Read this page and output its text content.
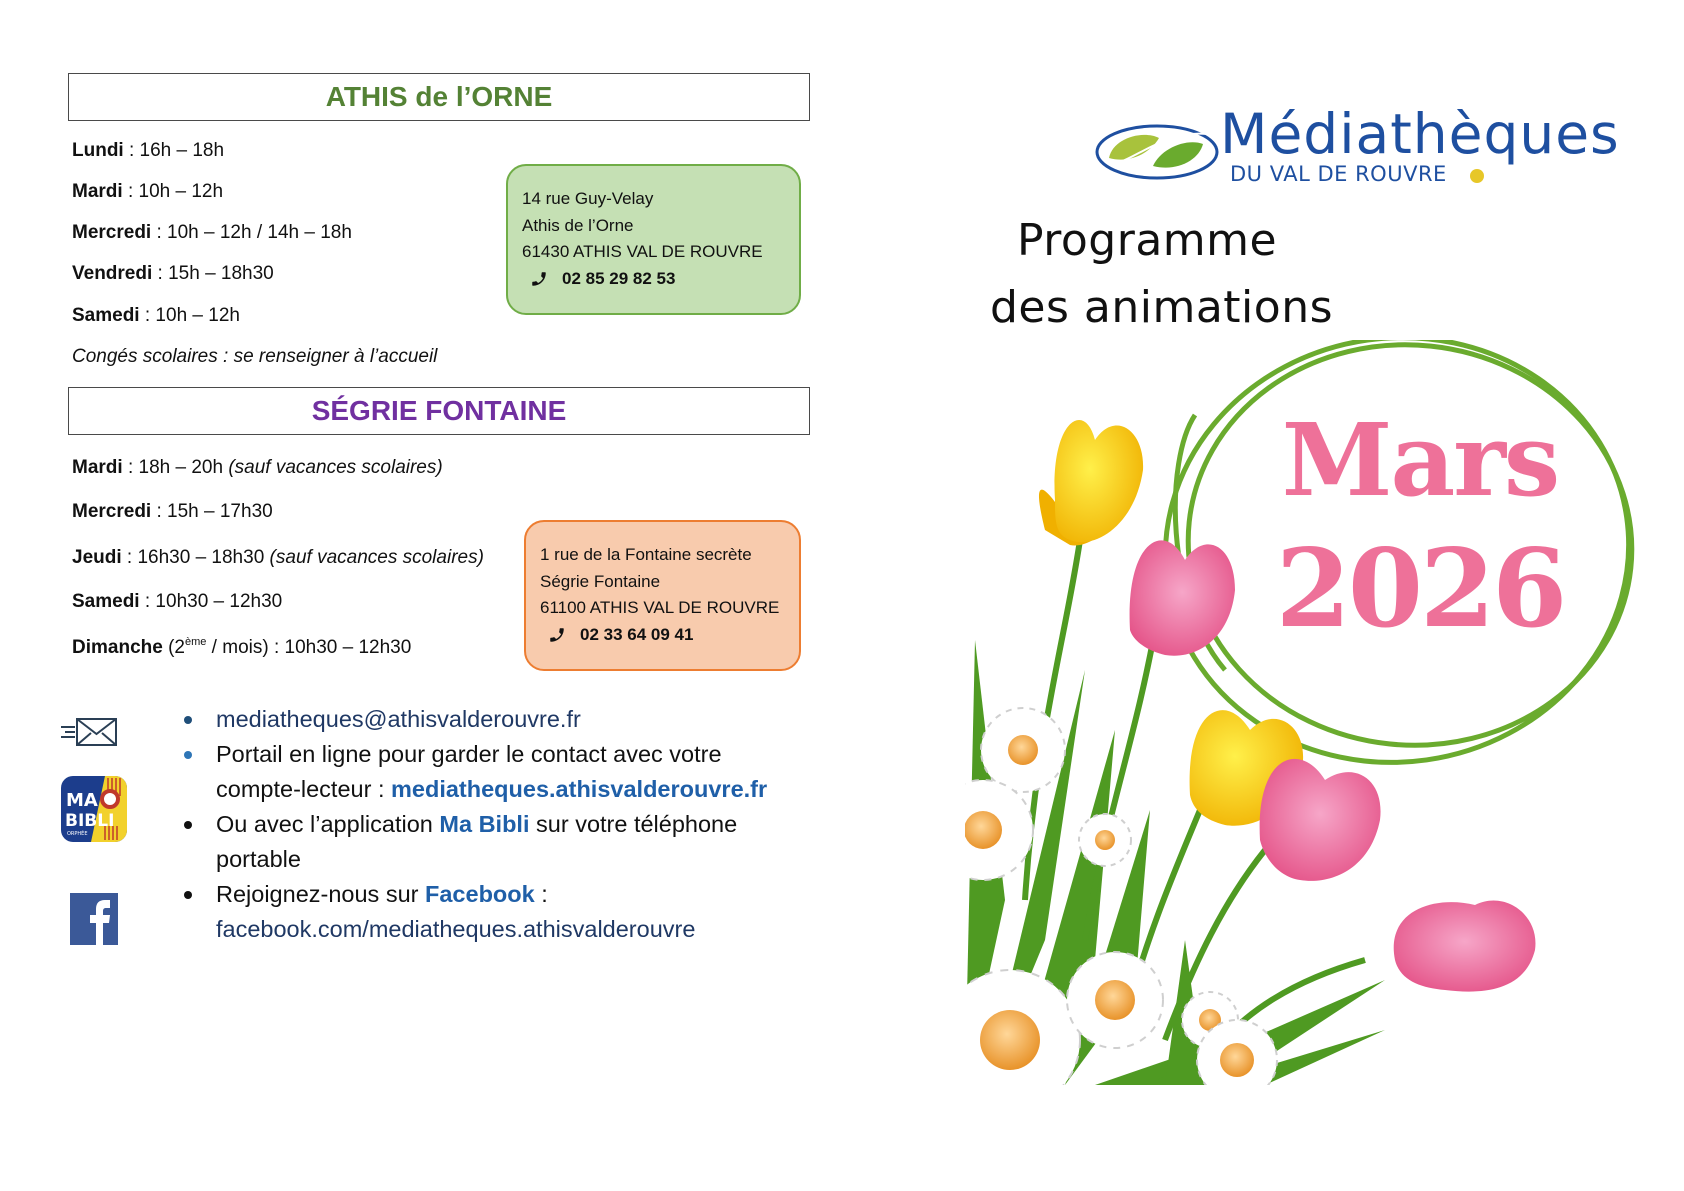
ATHIS de l’ORNE
Lundi : 16h – 18h
Mardi : 10h – 12h
Mercredi : 10h – 12h / 14h – 18h
Vendredi : 15h – 18h30
Samedi : 10h – 12h
Congés scolaires : se renseigner à l’accueil
14 rue Guy-Velay
Athis de l’Orne
61430 ATHIS VAL DE ROUVRE
02 85 29 82 53
SÉGRIE FONTAINE
Mardi : 18h – 20h (sauf vacances scolaires)
Mercredi : 15h – 17h30
Jeudi : 16h30 – 18h30 (sauf vacances scolaires)
Samedi : 10h30 – 12h30
Dimanche (2ème / mois) : 10h30 – 12h30
1 rue de la Fontaine secrète
Ségrie Fontaine
61100 ATHIS VAL DE ROUVRE
02 33 64 09 41
MA
BIBLI
ORPHÉE
mediatheques@athisvalderouvre.fr
Portail en ligne pour garder le contact avec votre
compte-lecteur : mediatheques.athisvalderouvre.fr
Ou avec l’application Ma Bibli sur votre téléphone
portable
Rejoignez-nous sur Facebook :
facebook.com/mediatheques.athisvalderouvre
Médiathèques
DU VAL DE ROUVRE
Programme
des animations
Mars
2026
